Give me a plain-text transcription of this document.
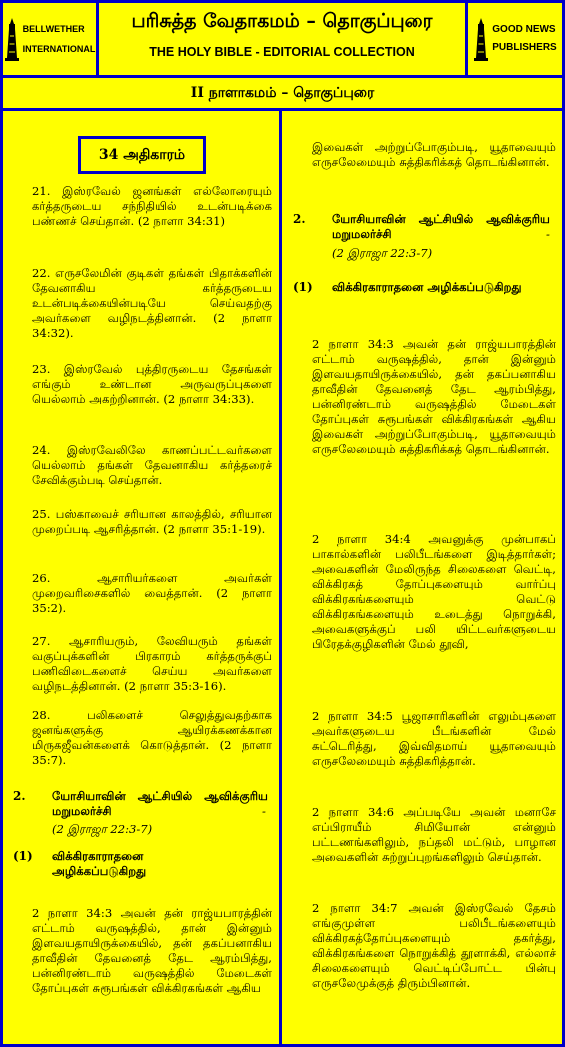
BELLWETHER
INTERNATIONAL
பரிசுத்த வேதாகமம் – தொகுப்புரை
THE HOLY BIBLE - EDITORIAL COLLECTION
GOOD NEWS
PUBLISHERS
II நாளாகமம் – தொகுப்புரை
34 அதிகாரம்
21. இஸ்ரவேல் ஜனங்கள் எல்லோரையும் கர்த்தருடைய சந்நிதியில் உடன்படிக்கை பண்ணச் செய்தான். (2 நாளா 34:31)
22. எருசலேமின் குடிகள் தங்கள் பிதாக்களின் தேவனாகிய கர்த்தருடைய உடன்படிக்கையின்படியே செய்வதற்கு அவர்களை வழிநடத்தினான். (2 நாளா 34:32).
23. இஸ்ரவேல் புத்திரருடைய தேசங்கள் எங்கும் உண்டான அருவருப்புகளை யெல்லாம் அகற்றினான். (2 நாளா 34:33).
24. இஸ்ரவேலிலே காணப்பட்டவர்களை யெல்லாம் தங்கள் தேவனாகிய கர்த்தரைச் சேவிக்கும்படி செய்தான்.
25. பஸ்காவைச் சரியான காலத்தில், சரியான முறைப்படி ஆசரித்தான். (2 நாளா 35:1-19).
26. ஆசாரியர்களை அவர்கள் முறைவரிசைகளில் வைத்தான். (2 நாளா 35:2).
27. ஆசாரியரும், லேவியரும் தங்கள் வகுப்புக்களின் பிரகாரம் கர்த்தருக்குப் பணிவிடைகளைச் செய்ய அவர்களை வழிநடத்தினான். (2 நாளா 35:3-16).
28. பலிகளைச் செலுத்துவதற்காக ஜனங்களுக்கு ஆயிரக்கணக்கான மிருகஜீவன்களைக் கொடுத்தான். (2 நாளா 35:7).
2. யோசியாவின் ஆட்சியில் ஆவிக்குரிய மறுமலர்ச்சி	-
(2 இராஜா 22:3-7)
(1) விக்கிரகாராதனை அழிக்கப்படுகிறது
2 நாளா 34:3 அவன் தன் ராஜ்யபாரத்தின் எட்டாம் வருஷத்தில், தான் இன்னும் இளவயதாயிருக்கையில், தன் தகப்பனாகிய தாவீதின் தேவனைத் தேட ஆரம்பித்து, பன்னிரண்டாம் வருஷத்தில் மேடைகள் தோப்புகள் சுரூபங்கள் விக்கிரகங்கள் ஆகிய
இவைகள் அற்றுப்போகும்படி, யூதாவையும் எருசலேமையும் சுத்திகரிக்கத் தொடங்கினான்.
2. யோசியாவின் ஆட்சியில் ஆவிக்குரிய மறுமலர்ச்சி	-
(2 இராஜா 22:3-7)
(1) விக்கிரகாராதனை அழிக்கப்படுகிறது
2 நாளா 34:3 அவன் தன் ராஜ்யபாரத்தின் எட்டாம் வருஷத்தில், தான் இன்னும் இளவயதாயிருக்கையில், தன் தகப்பனாகிய தாவீதின் தேவனைத் தேட ஆரம்பித்து, பன்னிரண்டாம் வருஷத்தில் மேடைகள் தோப்புகள் சுரூபங்கள் விக்கிரகங்கள் ஆகிய இவைகள் அற்றுப்போகும்படி, யூதாவையும் எருசலேமையும் சுத்திகரிக்கத் தொடங்கினான்.
2 நாளா 34:4 அவனுக்கு முன்பாகப் பாகால்களின் பலிபீடங்களை இடித்தார்கள்; அவைகளின் மேலிருந்த சிலைகளை வெட்டி, விக்கிரகத் தோப்புகளையும் வார்ப்பு விக்கிரகங்களையும் வெட்டு விக்கிரகங்களையும் உடைத்து நொறுக்கி, அவைகளுக்குப் பலி யிட்டவர்களுடைய பிரேதக்குழிகளின் மேல் தூவி,
2 நாளா 34:5 பூஜாசாரிகளின் எலும்புகளை அவர்களுடைய பீடங்களின் மேல் சுட்டெரித்து, இவ்விதமாய் யூதாவையும் எருசலேமையும் சுத்திகரித்தான்.
2 நாளா 34:6 அப்படியே அவன் மனாசே எப்பிராயீம் சிமியோன் என்னும் பட்டணங்களிலும், நப்தலி மட்டும், பாழான அவைகளின் சுற்றுப்புறங்களிலும் செய்தான்.
2 நாளா 34:7 அவன் இஸ்ரவேல் தேசம் எங்குமுள்ள பலிபீடங்களையும் விக்கிரகத்தோப்புகளையும் தகர்த்து, விக்கிரகங்களை நொறுக்கித் தூளாக்கி, எல்லாச் சிலைகளையும் வெட்டிப்போட்ட பின்பு எருசலேமுக்குத் திரும்பினான்.
